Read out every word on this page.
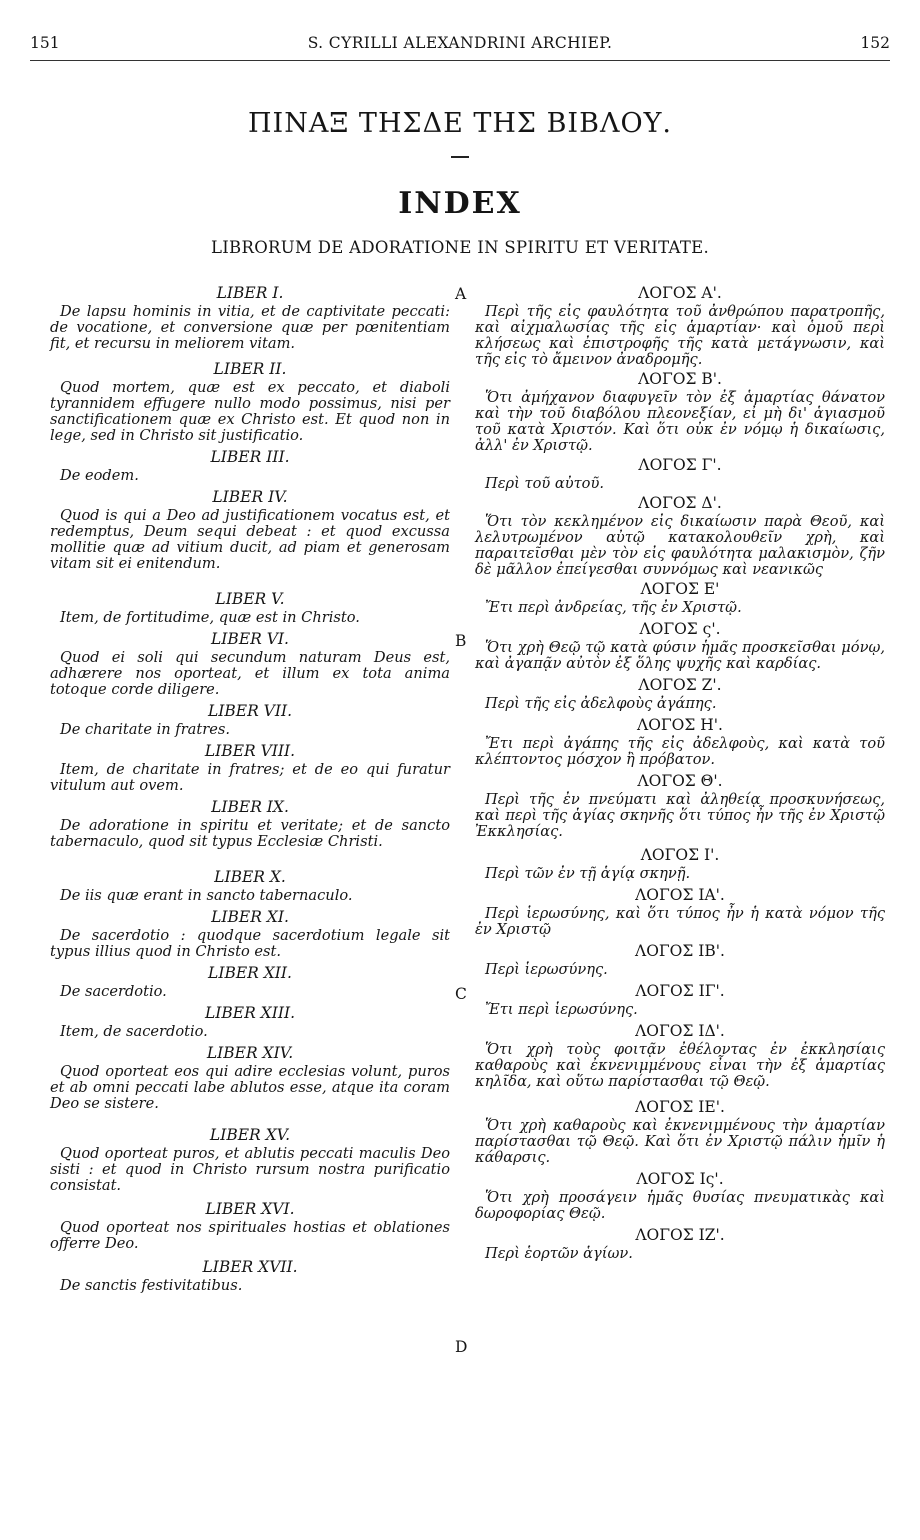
151	S. CYRILLI ALEXANDRINI ARCHIEP.	152
ΠΙΝΑΞ ΤΗΣΔΕ ΤΗΣ ΒΙΒΛΟΥ.
INDEX
LIBRORUM DE ADORATIONE IN SPIRITU ET VERITATE.
LIBER I.

De lapsu hominis in vitia, et de captivitate peccati: de vocatione, et conversione quæ per pœnitentiam fit, et recursu in meliorem vitam.

LIBER II.

Quod mortem, quæ est ex peccato, et diaboli tyrannidem effugere nullo modo possimus, nisi per sanctificationem quæ ex Christo est. Et quod non in lege, sed in Christo sit justificatio.

LIBER III.

De eodem.

LIBER IV.

Quod is qui a Deo ad justificationem vocatus est, et redemptus, Deum sequi debeat : et quod excussa mollitie quæ ad vitium ducit, ad piam et generosam vitam sit ei enitendum.

LIBER V.

Item, de fortitudime, quæ est in Christo.

LIBER VI.

Quod ei soli qui secundum naturam Deus est, adhærere nos oporteat, et illum ex tota anima totoque corde diligere.

LIBER VII.

De charitate in fratres.

LIBER VIII.

Item, de charitate in fratres; et de eo qui furatur vitulum aut ovem.

LIBER IX.

De adoratione in spiritu et veritate; et de sancto tabernaculo, quod sit typus Ecclesiæ Christi.

LIBER X.

De iis quæ erant in sancto tabernaculo.

LIBER XI.

De sacerdotio : quodque sacerdotium legale sit typus illius quod in Christo est.

LIBER XII.

De sacerdotio.

LIBER XIII.

Item, de sacerdotio.

LIBER XIV.

Quod oporteat eos qui adire ecclesias volunt, puros et ab omni peccati labe ablutos esse, atque ita coram Deo se sistere.

LIBER XV.

Quod oporteat puros, et ablutis peccati maculis Deo sisti : et quod in Christo rursum nostra purificatio consistat.

LIBER XVI.

Quod oporteat nos spirituales hostias et oblationes offerre Deo.

LIBER XVII.

De sanctis festivitatibus.

ΛΟΓΟΣ Α'.

Περὶ τῆς εἰς φαυλότητα τοῦ ἀνθρώπου παρατροπῆς, καὶ αἰχμαλωσίας τῆς εἰς ἁμαρτίαν· καὶ ὁμοῦ περὶ κλήσεως καὶ ἐπιστροφῆς τῆς κατὰ μετάγνωσιν, καὶ τῆς εἰς τὸ ἄμεινον ἀναδρομῆς.

ΛΟΓΟΣ Β'.

Ὅτι ἀμήχανον διαφυγεῖν τὸν ἐξ ἁμαρτίας θάνατον καὶ τὴν τοῦ διαβόλου πλεονεξίαν, εἰ μὴ δι' ἁγιασμοῦ τοῦ κατὰ Χριστόν. Καὶ ὅτι οὐκ ἐν νόμῳ ἡ δικαίωσις, ἀλλ' ἐν Χριστῷ.

ΛΟΓΟΣ Γ'.

Περὶ τοῦ αὐτοῦ.

ΛΟΓΟΣ Δ'.

Ὅτι τὸν κεκλημένον εἰς δικαίωσιν παρὰ Θεοῦ, καὶ λελυτρωμένον αὐτῷ κατακολουθεῖν χρὴ, καὶ παραιτεῖσθαι μὲν τὸν εἰς φαυλότητα μαλακισμὸν, ζῆν δὲ μᾶλλον ἐπείγεσθαι συννόμως καὶ νεανικῶς

ΛΟΓΟΣ Ε'

Ἔτι περὶ ἀνδρείας, τῆς ἐν Χριστῷ.

ΛΟΓΟΣ ς'.

Ὅτι χρὴ Θεῷ τῷ κατὰ φύσιν ἡμᾶς προσκεῖσθαι μόνῳ, καὶ ἀγαπᾷν αὐτὸν ἐξ ὅλης ψυχῆς καὶ καρδίας.

ΛΟΓΟΣ Ζ'.

Περὶ τῆς εἰς ἀδελφοὺς ἀγάπης.

ΛΟΓΟΣ Η'.

Ἔτι περὶ ἀγάπης τῆς εἰς ἀδελφοὺς, καὶ κατὰ τοῦ κλέπτοντος μόσχον ἢ πρόβατον.

ΛΟΓΟΣ Θ'.

Περὶ τῆς ἐν πνεύματι καὶ ἀληθείᾳ προσκυνήσεως, καὶ περὶ τῆς ἁγίας σκηνῆς ὅτι τύπος ἦν τῆς ἐν Χριστῷ Ἐκκλησίας.

ΛΟΓΟΣ Ι'.

Περὶ τῶν ἐν τῇ ἁγίᾳ σκηνῇ.

ΛΟΓΟΣ ΙΑ'.

Περὶ ἱερωσύνης, καὶ ὅτι τύπος ἦν ἡ κατὰ νόμον τῆς ἐν Χριστῷ

ΛΟΓΟΣ ΙΒ'.

Περὶ ἱερωσύνης.

ΛΟΓΟΣ ΙΓ'.

Ἔτι περὶ ἱερωσύνης.

ΛΟΓΟΣ ΙΔ'.

Ὅτι χρὴ τοὺς φοιτᾷν ἐθέλοντας ἐν ἐκκλησίαις καθαροὺς καὶ ἐκνενιμμένους εἶναι τὴν ἐξ ἁμαρτίας κηλῖδα, καὶ οὕτω παρίστασθαι τῷ Θεῷ.

ΛΟΓΟΣ ΙΕ'.

Ὅτι χρὴ καθαροὺς καὶ ἐκνενιμμένους τὴν ἁμαρτίαν παρίστασθαι τῷ Θεῷ. Καὶ ὅτι ἐν Χριστῷ πάλιν ἡμῖν ἡ κάθαρσις.

ΛΟΓΟΣ Ις'.

Ὅτι χρὴ προσάγειν ἡμᾶς θυσίας πνευματικὰς καὶ δωροφορίας Θεῷ.

ΛΟΓΟΣ ΙΖ'.

Περὶ ἑορτῶν ἁγίων.

A
B
C
D
